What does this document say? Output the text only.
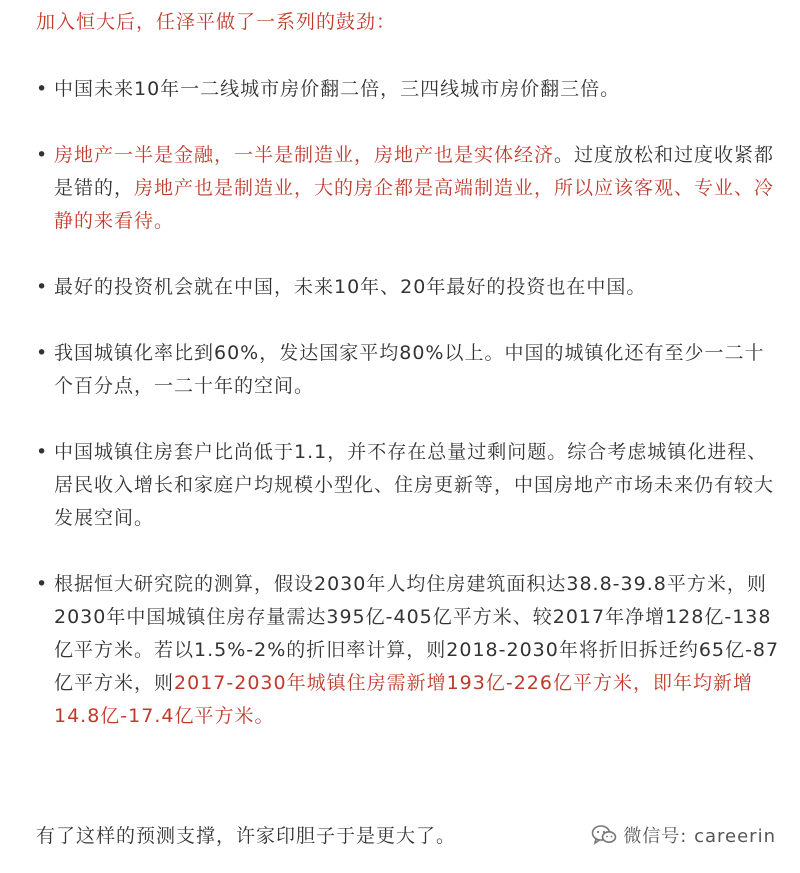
加入恒大后，任泽平做了一系列的鼓劲：

• 中国未来10年一二线城市房价翻二倍，三四线城市房价翻三倍。
• 房地产一半是金融，一半是制造业，房地产也是实体经济。过度放松和过度收紧都是错的，房地产也是制造业，大的房企都是高端制造业，所以应该客观、专业、冷静的来看待。
• 最好的投资机会就在中国，未来10年、20年最好的投资也在中国。
• 我国城镇化率比到60%，发达国家平均80%以上。中国的城镇化还有至少一二十个百分点，一二十年的空间。
• 中国城镇住房套户比尚低于1.1，并不存在总量过剩问题。综合考虑城镇化进程、居民收入增长和家庭户均规模小型化、住房更新等，中国房地产市场未来仍有较大发展空间。
• 根据恒大研究院的测算，假设2030年人均住房建筑面积达38.8-39.8平方米，则2030年中国城镇住房存量需达395亿-405亿平方米、较2017年净增128亿-138亿平方米。若以1.5%-2%的折旧率计算，则2018-2030年将折旧拆迁约65亿-87亿平方米，则2017-2030年城镇住房需新增193亿-226亿平方米，即年均新增14.8亿-17.4亿平方米。

有了这样的预测支撑，许家印胆子于是更大了。	微信号: careerin
